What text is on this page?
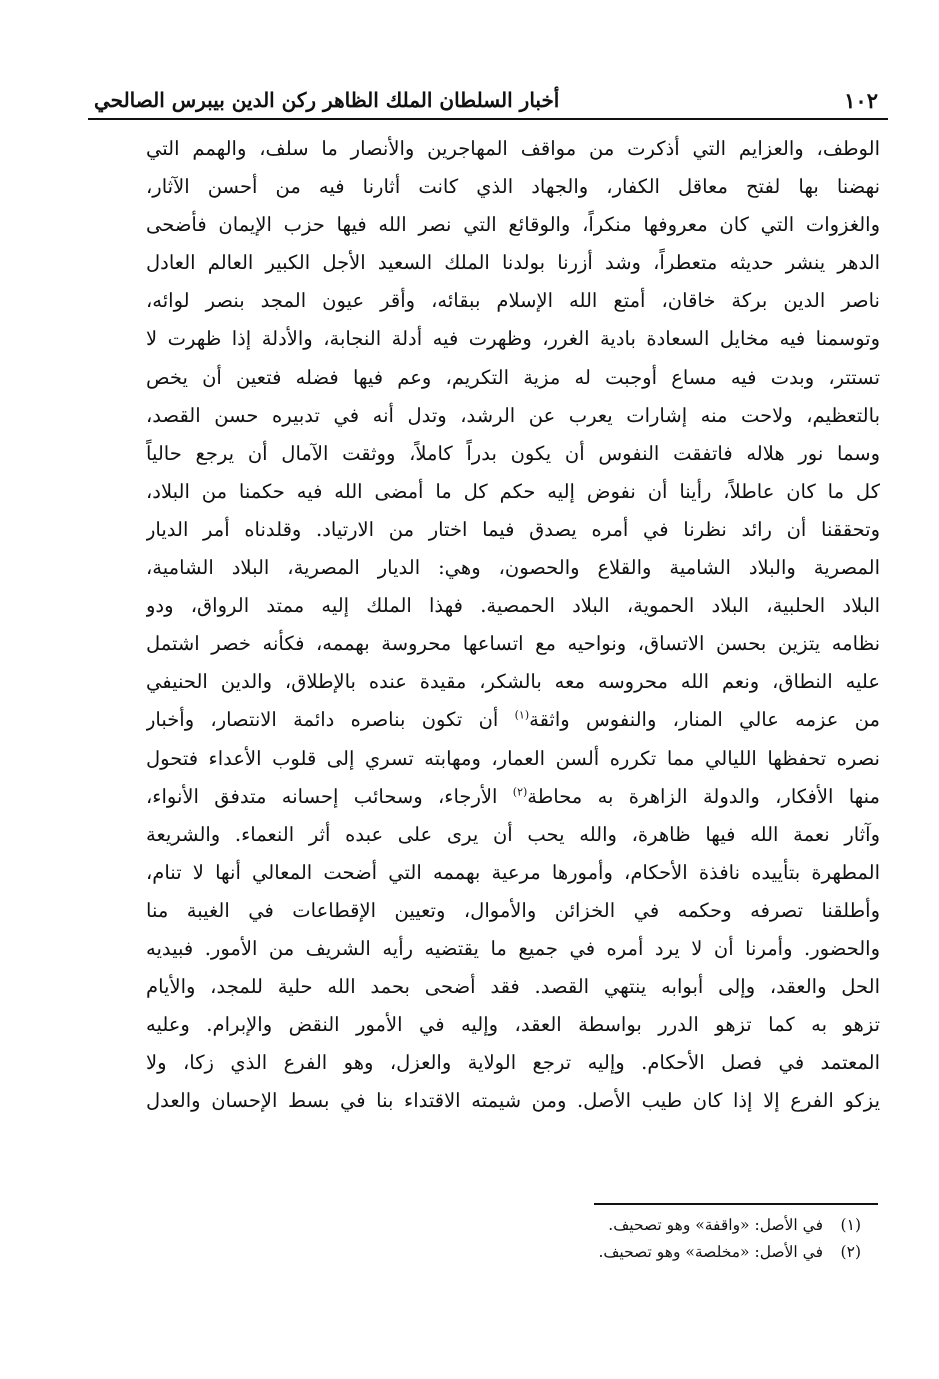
١٠٢
أخبار السلطان الملك الظاهر ركن الدين بيبرس الصالحي
الوطف، والعزايم التي أذكرت من مواقف المهاجرين والأنصار ما سلف، والهمم التي
نهضنا بها لفتح معاقل الكفار، والجهاد الذي كانت أثارنا فيه من أحسن الآثار،
والغزوات التي كان معروفها منكراً، والوقائع التي نصر الله فيها حزب الإيمان فأضحى
الدهر ينشر حديثه متعطراً، وشد أزرنا بولدنا الملك السعيد الأجل الكبير العالم العادل
ناصر الدين بركة خاقان، أمتع الله الإسلام ببقائه، وأقر عيون المجد بنصر لوائه،
وتوسمنا فيه مخايل السعادة بادية الغرر، وظهرت فيه أدلة النجابة، والأدلة إذا ظهرت لا
تستتر، وبدت فيه مساع أوجبت له مزية التكريم، وعم فيها فضله فتعين أن يخص
بالتعظيم، ولاحت منه إشارات يعرب عن الرشد، وتدل أنه في تدبيره حسن القصد،
وسما نور هلاله فاتفقت النفوس أن يكون بدراً كاملاً، ووثقت الآمال أن يرجع حالياً
كل ما كان عاطلاً، رأينا أن نفوض إليه حكم كل ما أمضى الله فيه حكمنا من البلاد،
وتحققنا أن رائد نظرنا في أمره يصدق فيما اختار من الارتياد. وقلدناه أمر الديار
المصرية والبلاد الشامية والقلاع والحصون، وهي: الديار المصرية، البلاد الشامية،
البلاد الحلبية، البلاد الحموية، البلاد الحمصية. فهذا الملك إليه ممتد الرواق، ودو
نظامه يتزين بحسن الاتساق، ونواحيه مع اتساعها محروسة بهممه، فكأنه خصر اشتمل
عليه النطاق، ونعم الله محروسه معه بالشكر، مقيدة عنده بالإطلاق، والدين الحنيفي
من عزمه عالي المنار، والنفوس واثقة$^{(١)}$ أن تكون بناصره دائمة الانتصار، وأخبار
نصره تحفظها الليالي مما تكرره ألسن العمار، ومهابته تسري إلى قلوب الأعداء فتحول
منها الأفكار، والدولة الزاهرة به محاطة$^{(٢)}$ الأرجاء، وسحائب إحسانه متدفق الأنواء،
وآثار نعمة الله فيها ظاهرة، والله يحب أن يرى على عبده أثر النعماء. والشريعة
المطهرة بتأييده نافذة الأحكام، وأمورها مرعية بهممه التي أضحت المعالي أنها لا تنام،
وأطلقنا تصرفه وحكمه في الخزائن والأموال، وتعيين الإقطاعات في الغيبة منا
والحضور. وأمرنا أن لا يرد أمره في جميع ما يقتضيه رأيه الشريف من الأمور. فبيديه
الحل والعقد، وإلى أبوابه ينتهي القصد. فقد أضحى بحمد الله حلية للمجد، والأيام
تزهو به كما تزهو الدرر بواسطة العقد، وإليه في الأمور النقض والإبرام. وعليه
المعتمد في فصل الأحكام. وإليه ترجع الولاية والعزل، وهو الفرع الذي زكا، ولا
يزكو الفرع إلا إذا كان طيب الأصل. ومن شيمته الاقتداء بنا في بسط الإحسان والعدل
(١)في الأصل: «واقفة» وهو تصحيف.
(٢)في الأصل: «مخلصة» وهو تصحيف.
